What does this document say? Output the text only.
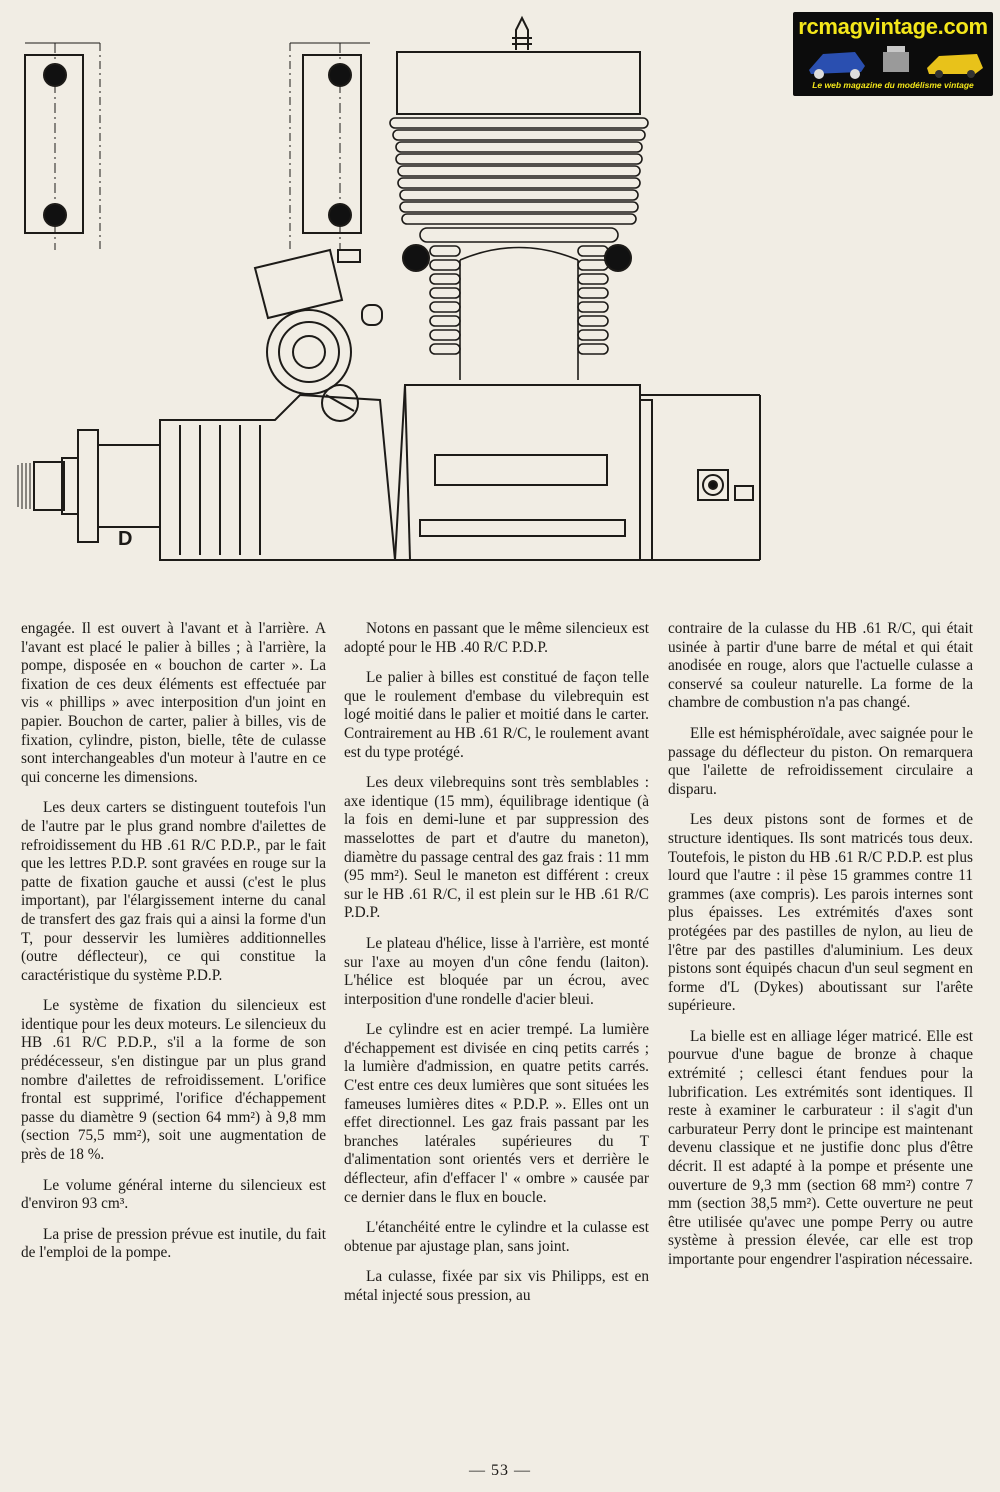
D
rcmagvintage.com
Le web magazine du modélisme vintage

engagée. Il est ouvert à l'avant et à l'arrière. A l'avant est placé le palier à billes ; à l'arrière, la pompe, disposée en « bouchon de carter ». La fixation de ces deux éléments est effectuée par vis « phillips » avec interposition d'un joint en papier. Bouchon de carter, palier à billes, vis de fixation, cylindre, piston, bielle, tête de culasse sont interchangeables d'un moteur à l'autre en ce qui concerne les dimensions.

Les deux carters se distinguent toutefois l'un de l'autre par le plus grand nombre d'ailettes de refroidissement du HB .61 R/C P.D.P., par le fait que les lettres P.D.P. sont gravées en rouge sur la patte de fixation gauche et aussi (c'est le plus important), par l'élargissement interne du canal de transfert des gaz frais qui a ainsi la forme d'un T, pour desservir les lumières additionnelles (outre déflecteur), ce qui constitue la caractéristique du système P.D.P.

Le système de fixation du silencieux est identique pour les deux moteurs. Le silencieux du HB .61 R/C P.D.P., s'il a la forme de son prédécesseur, s'en distingue par un plus grand nombre d'ailettes de refroidissement. L'orifice frontal est supprimé, l'orifice d'échappement passe du diamètre 9 (section 64 mm²) à 9,8 mm (section 75,5 mm²), soit une augmentation de près de 18 %.

Le volume général interne du silencieux est d'environ 93 cm³.

La prise de pression prévue est inutile, du fait de l'emploi de la pompe.

Notons en passant que le même silencieux est adopté pour le HB .40 R/C P.D.P.

Le palier à billes est constitué de façon telle que le roulement d'embase du vilebrequin est logé moitié dans le palier et moitié dans le carter. Contrairement au HB .61 R/C, le roulement avant est du type protégé.

Les deux vilebrequins sont très semblables : axe identique (15 mm), équilibrage identique (à la fois en demi-lune et par suppression des masselottes de part et d'autre du maneton), diamètre du passage central des gaz frais : 11 mm (95 mm²). Seul le maneton est différent : creux sur le HB .61 R/C, il est plein sur le HB .61 R/C P.D.P.

Le plateau d'hélice, lisse à l'arrière, est monté sur l'axe au moyen d'un cône fendu (laiton). L'hélice est bloquée par un écrou, avec interposition d'une rondelle d'acier bleui.

Le cylindre est en acier trempé. La lumière d'échappement est divisée en cinq petits carrés ; la lumière d'admission, en quatre petits carrés. C'est entre ces deux lumières que sont situées les fameuses lumières dites « P.D.P. ». Elles ont un effet directionnel. Les gaz frais passant par les branches latérales supérieures du T d'alimentation sont orientés vers et derrière le déflecteur, afin d'effacer l' « ombre » causée par ce dernier dans le flux en boucle.

L'étanchéité entre le cylindre et la culasse est obtenue par ajustage plan, sans joint.

La culasse, fixée par six vis Philipps, est en métal injecté sous pression, au

contraire de la culasse du HB .61 R/C, qui était usinée à partir d'une barre de métal et qui était anodisée en rouge, alors que l'actuelle culasse a conservé sa couleur naturelle. La forme de la chambre de combustion n'a pas changé.

Elle est hémisphéroïdale, avec saignée pour le passage du déflecteur du piston. On remarquera que l'ailette de refroidissement circulaire a disparu.

Les deux pistons sont de formes et de structure identiques. Ils sont matricés tous deux. Toutefois, le piston du HB .61 R/C P.D.P. est plus lourd que l'autre : il pèse 15 grammes contre 11 grammes (axe compris). Les parois internes sont plus épaisses. Les extrémités d'axes sont protégées par des pastilles de nylon, au lieu de l'être par des pastilles d'aluminium. Les deux pistons sont équipés chacun d'un seul segment en forme d'L (Dykes) aboutissant sur l'arête supérieure.

La bielle est en alliage léger matricé. Elle est pourvue d'une bague de bronze à chaque extrémité ; cellesci étant fendues pour la lubrification. Les extrémités sont identiques. Il reste à examiner le carburateur : il s'agit d'un carburateur Perry dont le principe est maintenant devenu classique et ne justifie donc plus d'être décrit. Il est adapté à la pompe et présente une ouverture de 9,3 mm (section 68 mm²) contre 7 mm (section 38,5 mm²). Cette ouverture ne peut être utilisée qu'avec une pompe Perry ou autre système à pression élevée, car elle est trop importante pour engendrer l'aspiration nécessaire.

— 53 —
